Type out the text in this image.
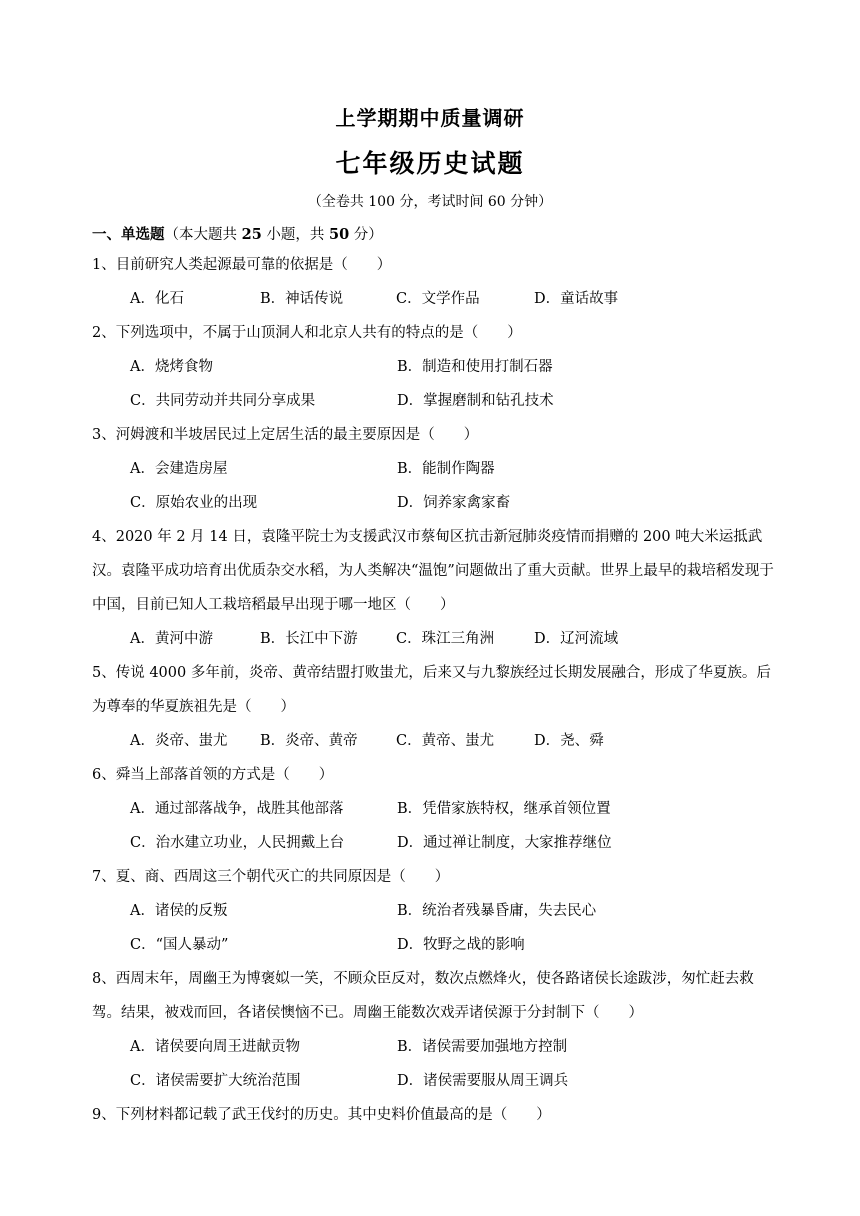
上学期期中质量调研
七年级历史试题
（全卷共 100 分，考试时间 60 分钟）
一、单选题（本大题共 25 小题，共 50 分）
1、目前研究人类起源最可靠的依据是（　　）
A．化石	B．神话传说	C．文学作品	D．童话故事
2、下列选项中，不属于山顶洞人和北京人共有的特点的是（　　）
A．烧烤食物	B．制造和使用打制石器
C．共同劳动并共同分享成果	D．掌握磨制和钻孔技术
3、河姆渡和半坡居民过上定居生活的最主要原因是（　　）
A．会建造房屋	B．能制作陶器
C．原始农业的出现	D．饲养家禽家畜
4、2020 年 2 月 14 日，袁隆平院士为支援武汉市蔡甸区抗击新冠肺炎疫情而捐赠的 200 吨大米运抵武汉。袁隆平成功培育出优质杂交水稻，为人类解决“温饱”问题做出了重大贡献。世界上最早的栽培稻发现于中国，目前已知人工栽培稻最早出现于哪一地区（　　）
A．黄河中游	B．长江中下游	C．珠江三角洲	D．辽河流域
5、传说 4000 多年前，炎帝、黄帝结盟打败蚩尤，后来又与九黎族经过长期发展融合，形成了华夏族。后为尊奉的华夏族祖先是（　　）
A．炎帝、蚩尤 B．炎帝、黄帝	C．黄帝、蚩尤	D．尧、舜
6、舜当上部落首领的方式是（　　）
A．通过部落战争，战胜其他部落	B．凭借家族特权，继承首领位置
C．治水建立功业，人民拥戴上台	D．通过禅让制度，大家推荐继位
7、夏、商、西周这三个朝代灭亡的共同原因是（　　）
A．诸侯的反叛	B．统治者残暴昏庸，失去民心
C．“国人暴动”	D．牧野之战的影响
8、西周末年，周幽王为博褒姒一笑，不顾众臣反对，数次点燃烽火，使各路诸侯长途跋涉，匆忙赶去救驾。结果，被戏而回，各诸侯懊恼不已。周幽王能数次戏弄诸侯源于分封制下（　　）
A．诸侯要向周王进献贡物	B．诸侯需要加强地方控制
C．诸侯需要扩大统治范围	D．诸侯需要服从周王调兵
9、下列材料都记载了武王伐纣的历史。其中史料价值最高的是（　　）
